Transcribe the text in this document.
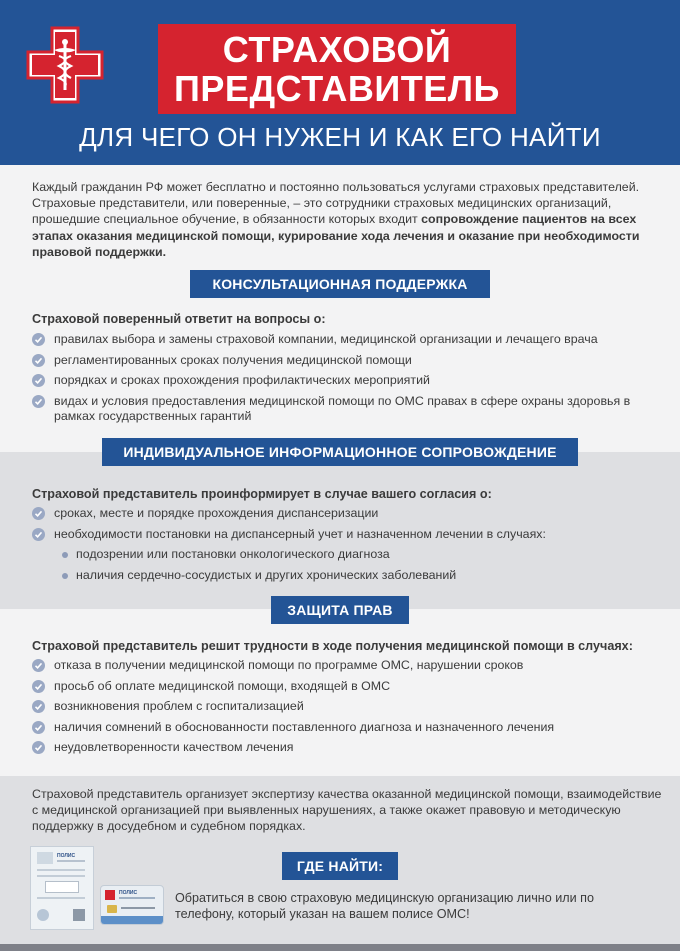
СТРАХОВОЙ
ПРЕДСТАВИТЕЛЬ
ДЛЯ ЧЕГО ОН НУЖЕН И КАК ЕГО НАЙТИ
Каждый гражданин РФ может бесплатно и постоянно пользоваться услугами страховых представителей. Страховые представители, или поверенные, – это сотрудники страховых медицинских организаций, прошедшие специальное обучение, в обязанности которых входит сопровождение пациентов на всех этапах оказания медицинской помощи, курирование хода лечения и оказание при необходимости правовой поддержки.
КОНСУЛЬТАЦИОННАЯ ПОДДЕРЖКА
Страховой поверенный ответит на вопросы о:
правилах выбора и замены страховой компании, медицинской организации и лечащего врача
регламентированных сроках получения медицинской помощи
порядках и сроках прохождения профилактических мероприятий
видах и условия предоставления медицинской помощи по ОМС правах в сфере охраны здоровья в рамках государственных гарантий
ИНДИВИДУАЛЬНОЕ ИНФОРМАЦИОННОЕ СОПРОВОЖДЕНИЕ
Страховой представитель проинформирует в случае вашего согласия о:
сроках, месте и порядке прохождения диспансеризации
необходимости постановки на диспансерный учет и назначенном лечении в случаях:
подозрении или постановки онкологического диагноза
наличия сердечно-сосудистых и других хронических заболеваний
ЗАЩИТА ПРАВ
Страховой представитель решит трудности в ходе получения медицинской помощи в случаях:
отказа в получении медицинской помощи по программе ОМС, нарушении сроков
просьб об оплате медицинской помощи, входящей в ОМС
возникновения проблем с госпитализацией
наличия сомнений в обоснованности поставленного диагноза и назначенного лечения
неудовлетворенности качеством лечения
Страховой представитель организует экспертизу качества оказанной медицинской помощи, взаимодействие с медицинской организацией при выявленных нарушениях, а также окажет правовую и методическую поддержку в досудебном и судебном порядках.
ГДЕ НАЙТИ:
ПОЛИС
ПОЛИС	Обратиться в свою страховую медицинскую организацию лично или по телефону, который указан на вашем полисе ОМС!
